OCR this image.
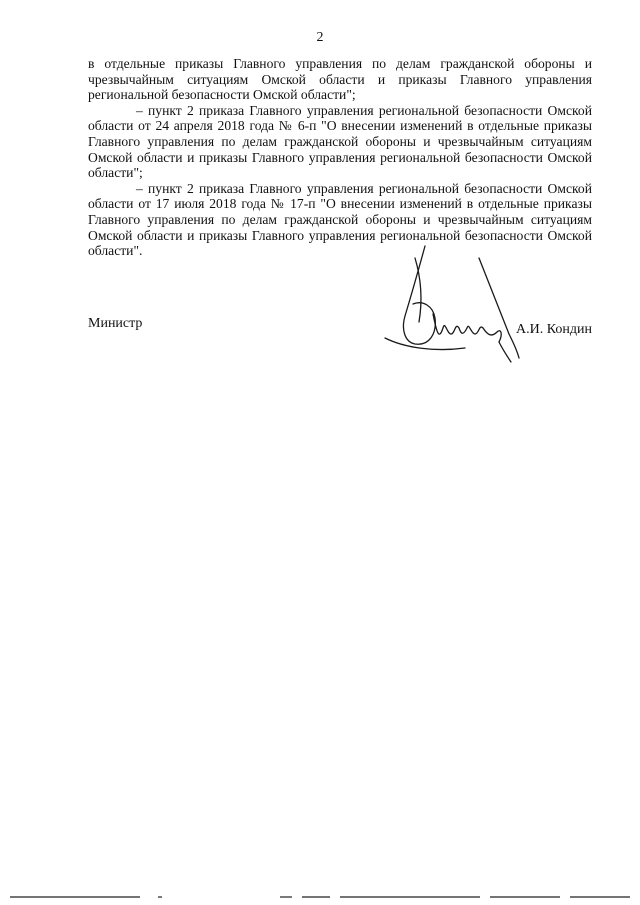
2

в отдельные приказы Главного управления по делам гражданской обороны и чрезвычайным ситуациям Омской области и приказы Главного управления региональной безопасности Омской области";

– пункт 2 приказа Главного управления региональной безопасности Омской области от 24 апреля 2018 года № 6-п "О внесении изменений в отдельные приказы Главного управления по делам гражданской обороны и чрезвычайным ситуациям Омской области и приказы Главного управления региональной безопасности Омской области";

– пункт 2 приказа Главного управления региональной безопасности Омской области от 17 июля 2018 года № 17-п "О внесении изменений в отдельные приказы Главного управления по делам гражданской обороны и чрезвычайным ситуациям Омской области и приказы Главного управления региональной безопасности Омской области".

Министр	А.И. Кондин
